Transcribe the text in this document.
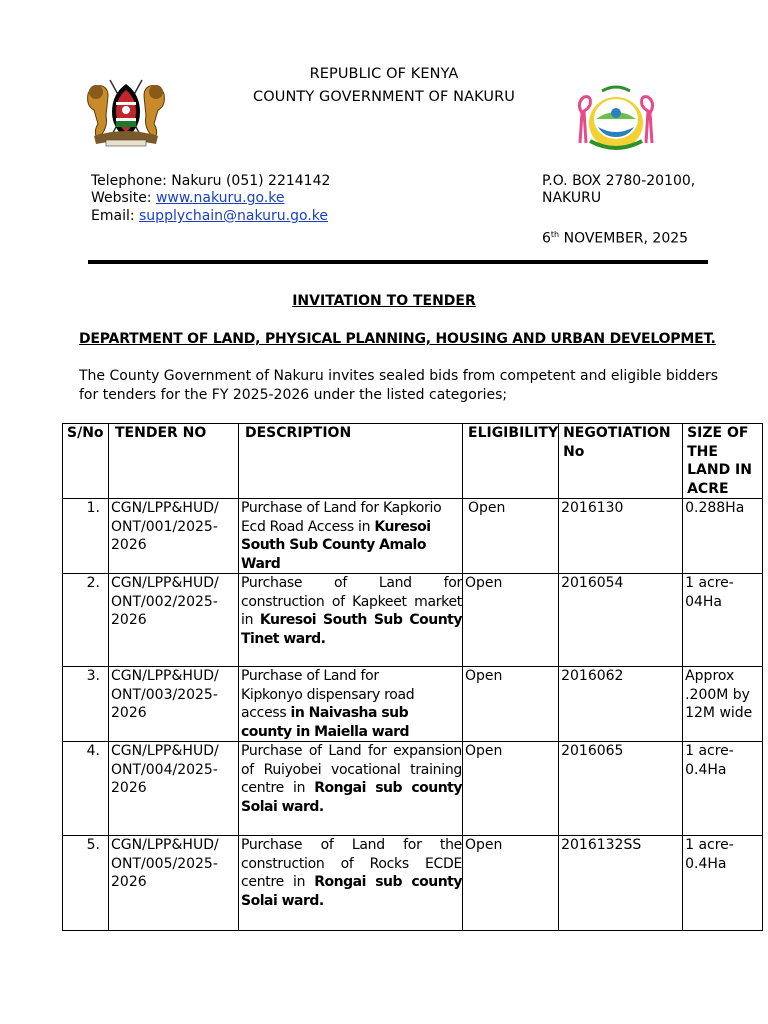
REPUBLIC OF KENYA
COUNTY GOVERNMENT OF NAKURU
Telephone: Nakuru (051) 2214142
Website: www.nakuru.go.ke
Email: supplychain@nakuru.go.ke
P.O. BOX 2780-20100,
NAKURU
6th NOVEMBER, 2025
INVITATION TO TENDER
DEPARTMENT OF LAND, PHYSICAL PLANNING, HOUSING AND URBAN DEVELOPMET.
The County Government of Nakuru invites sealed bids from competent and eligible bidders for tenders for the FY 2025-2026 under the listed categories;
S/No	TENDER NO	DESCRIPTION	ELIGIBILITY	NEGOTIATION No	SIZE OF THE LAND IN ACRE
1.	CGN/LPP&HUD/ ONT/001/2025-2026	Purchase of Land for Kapkorio Ecd Road Access in Kuresoi South Sub County Amalo Ward	Open	2016130	0.288Ha
2.	CGN/LPP&HUD/ ONT/002/2025-2026	Purchase of Land for construction of Kapkeet market in Kuresoi South Sub County Tinet ward.	Open	2016054	1 acre-04Ha
3.	CGN/LPP&HUD/ ONT/003/2025-2026	Purchase of Land for Kipkonyo dispensary road access in Naivasha sub county in Maiella ward	Open	2016062	Approx .200M by 12M wide
4.	CGN/LPP&HUD/ ONT/004/2025-2026	Purchase of Land for expansion of Ruiyobei vocational training centre in Rongai sub county Solai ward.	Open	2016065	1 acre-0.4Ha
5.	CGN/LPP&HUD/ ONT/005/2025-2026	Purchase of Land for the construction of Rocks ECDE centre in Rongai sub county Solai ward.	Open	2016132SS	1 acre-0.4Ha
